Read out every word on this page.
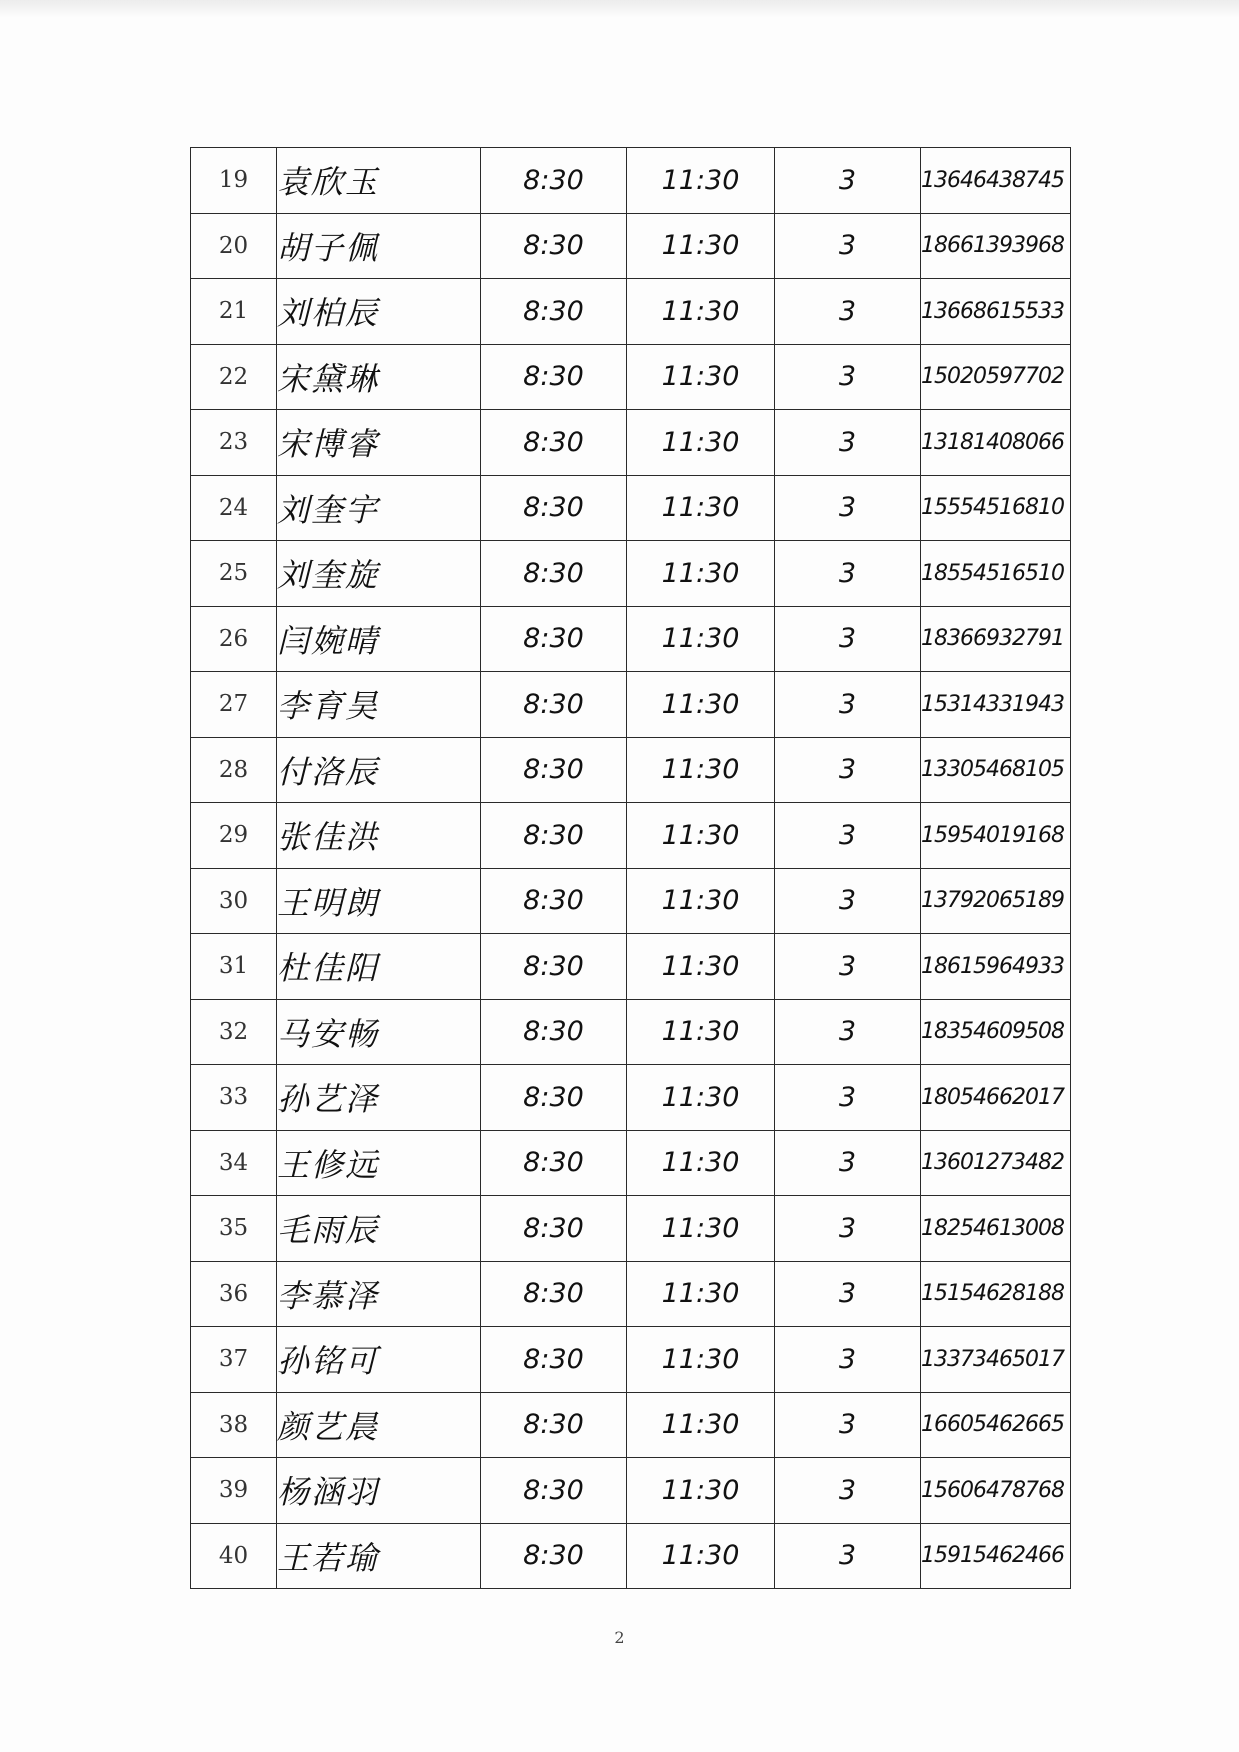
19	袁欣玉	8:30	11:30	3	13646438745
20	胡子佩	8:30	11:30	3	18661393968
21	刘柏辰	8:30	11:30	3	13668615533
22	宋黛琳	8:30	11:30	3	15020597702
23	宋博睿	8:30	11:30	3	13181408066
24	刘奎宇	8:30	11:30	3	15554516810
25	刘奎旋	8:30	11:30	3	18554516510
26	闫婉晴	8:30	11:30	3	18366932791
27	李育昊	8:30	11:30	3	15314331943
28	付洛辰	8:30	11:30	3	13305468105
29	张佳洪	8:30	11:30	3	15954019168
30	王明朗	8:30	11:30	3	13792065189
31	杜佳阳	8:30	11:30	3	18615964933
32	马安畅	8:30	11:30	3	18354609508
33	孙艺泽	8:30	11:30	3	18054662017
34	王修远	8:30	11:30	3	13601273482
35	毛雨辰	8:30	11:30	3	18254613008
36	李慕泽	8:30	11:30	3	15154628188
37	孙铭可	8:30	11:30	3	13373465017
38	颜艺晨	8:30	11:30	3	16605462665
39	杨涵羽	8:30	11:30	3	15606478768
40	王若瑜	8:30	11:30	3	15915462466
2
